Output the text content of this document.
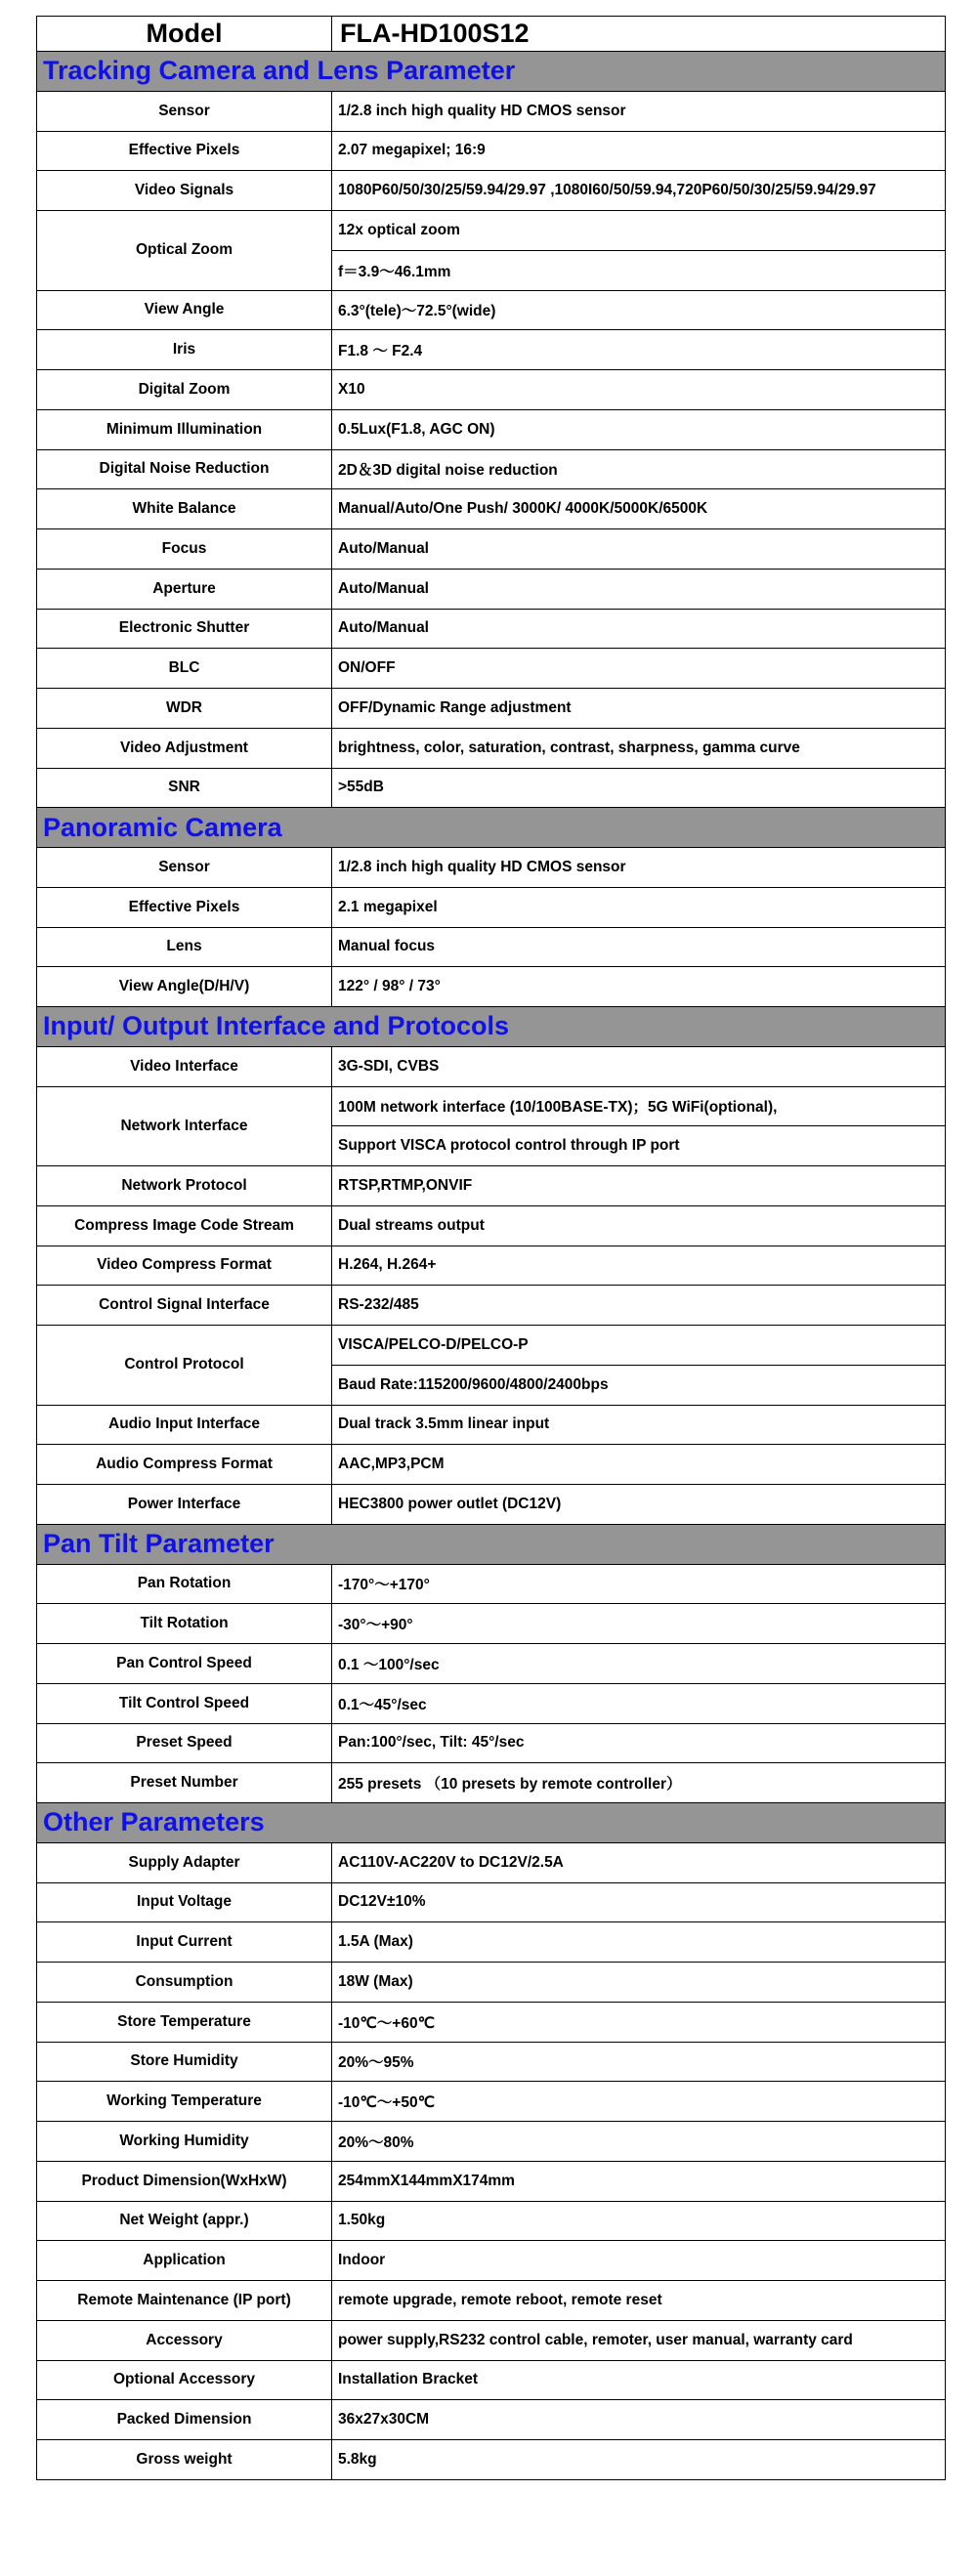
Model	FLA-HD100S12
Tracking Camera and Lens Parameter	
Sensor	1/2.8 inch high quality HD CMOS sensor
Effective Pixels	2.07 megapixel; 16:9
Video Signals	1080P60/50/30/25/59.94/29.97 ,1080I60/50/59.94,720P60/50/30/25/59.94/29.97
Optical Zoom	12x optical zoom
	f＝3.9～46.1mm
View Angle	6.3°(tele)～72.5°(wide)
Iris	F1.8 ～ F2.4
Digital Zoom	X10
Minimum Illumination	0.5Lux(F1.8, AGC ON)
Digital Noise Reduction	2D＆3D digital noise reduction
White Balance	Manual/Auto/One Push/ 3000K/ 4000K/5000K/6500K
Focus	Auto/Manual
Aperture	Auto/Manual
Electronic Shutter	Auto/Manual
BLC	ON/OFF
WDR	OFF/Dynamic Range adjustment
Video Adjustment	brightness, color, saturation, contrast, sharpness, gamma curve
SNR	>55dB
Panoramic Camera	
Sensor	1/2.8 inch high quality HD CMOS sensor
Effective Pixels	2.1 megapixel
Lens	Manual focus
View Angle(D/H/V)	122° / 98° / 73°
Input/ Output Interface and Protocols	
Video Interface	3G-SDI, CVBS
Network Interface	100M network interface (10/100BASE-TX)；5G WiFi(optional),
	Support VISCA protocol control through IP port
Network Protocol	RTSP,RTMP,ONVIF
Compress Image Code Stream	Dual streams output
Video Compress Format	H.264, H.264+
Control Signal Interface	RS-232/485
Control Protocol	VISCA/PELCO-D/PELCO-P
	Baud Rate:115200/9600/4800/2400bps
Audio Input Interface	Dual track 3.5mm linear input
Audio Compress Format	AAC,MP3,PCM
Power Interface	HEC3800 power outlet (DC12V)
Pan Tilt Parameter	
Pan Rotation	-170°～+170°
Tilt Rotation	-30°～+90°
Pan Control Speed	0.1 ～100°/sec
Tilt Control Speed	0.1～45°/sec
Preset Speed	Pan:100°/sec, Tilt: 45°/sec
Preset Number	255 presets （10 presets by remote controller）
Other Parameters	
Supply Adapter	AC110V-AC220V to DC12V/2.5A
Input Voltage	DC12V±10%
Input Current	1.5A (Max)
Consumption	18W (Max)
Store Temperature	-10℃～+60℃
Store Humidity	20%～95%
Working Temperature	-10℃～+50℃
Working Humidity	20%～80%
Product Dimension(WxHxW)	254mmX144mmX174mm
Net Weight (appr.)	1.50kg
Application	Indoor
Remote Maintenance (IP port)	remote upgrade, remote reboot, remote reset
Accessory	power supply,RS232 control cable, remoter, user manual, warranty card
Optional Accessory	Installation Bracket
Packed Dimension	36x27x30CM
Gross weight	5.8kg
